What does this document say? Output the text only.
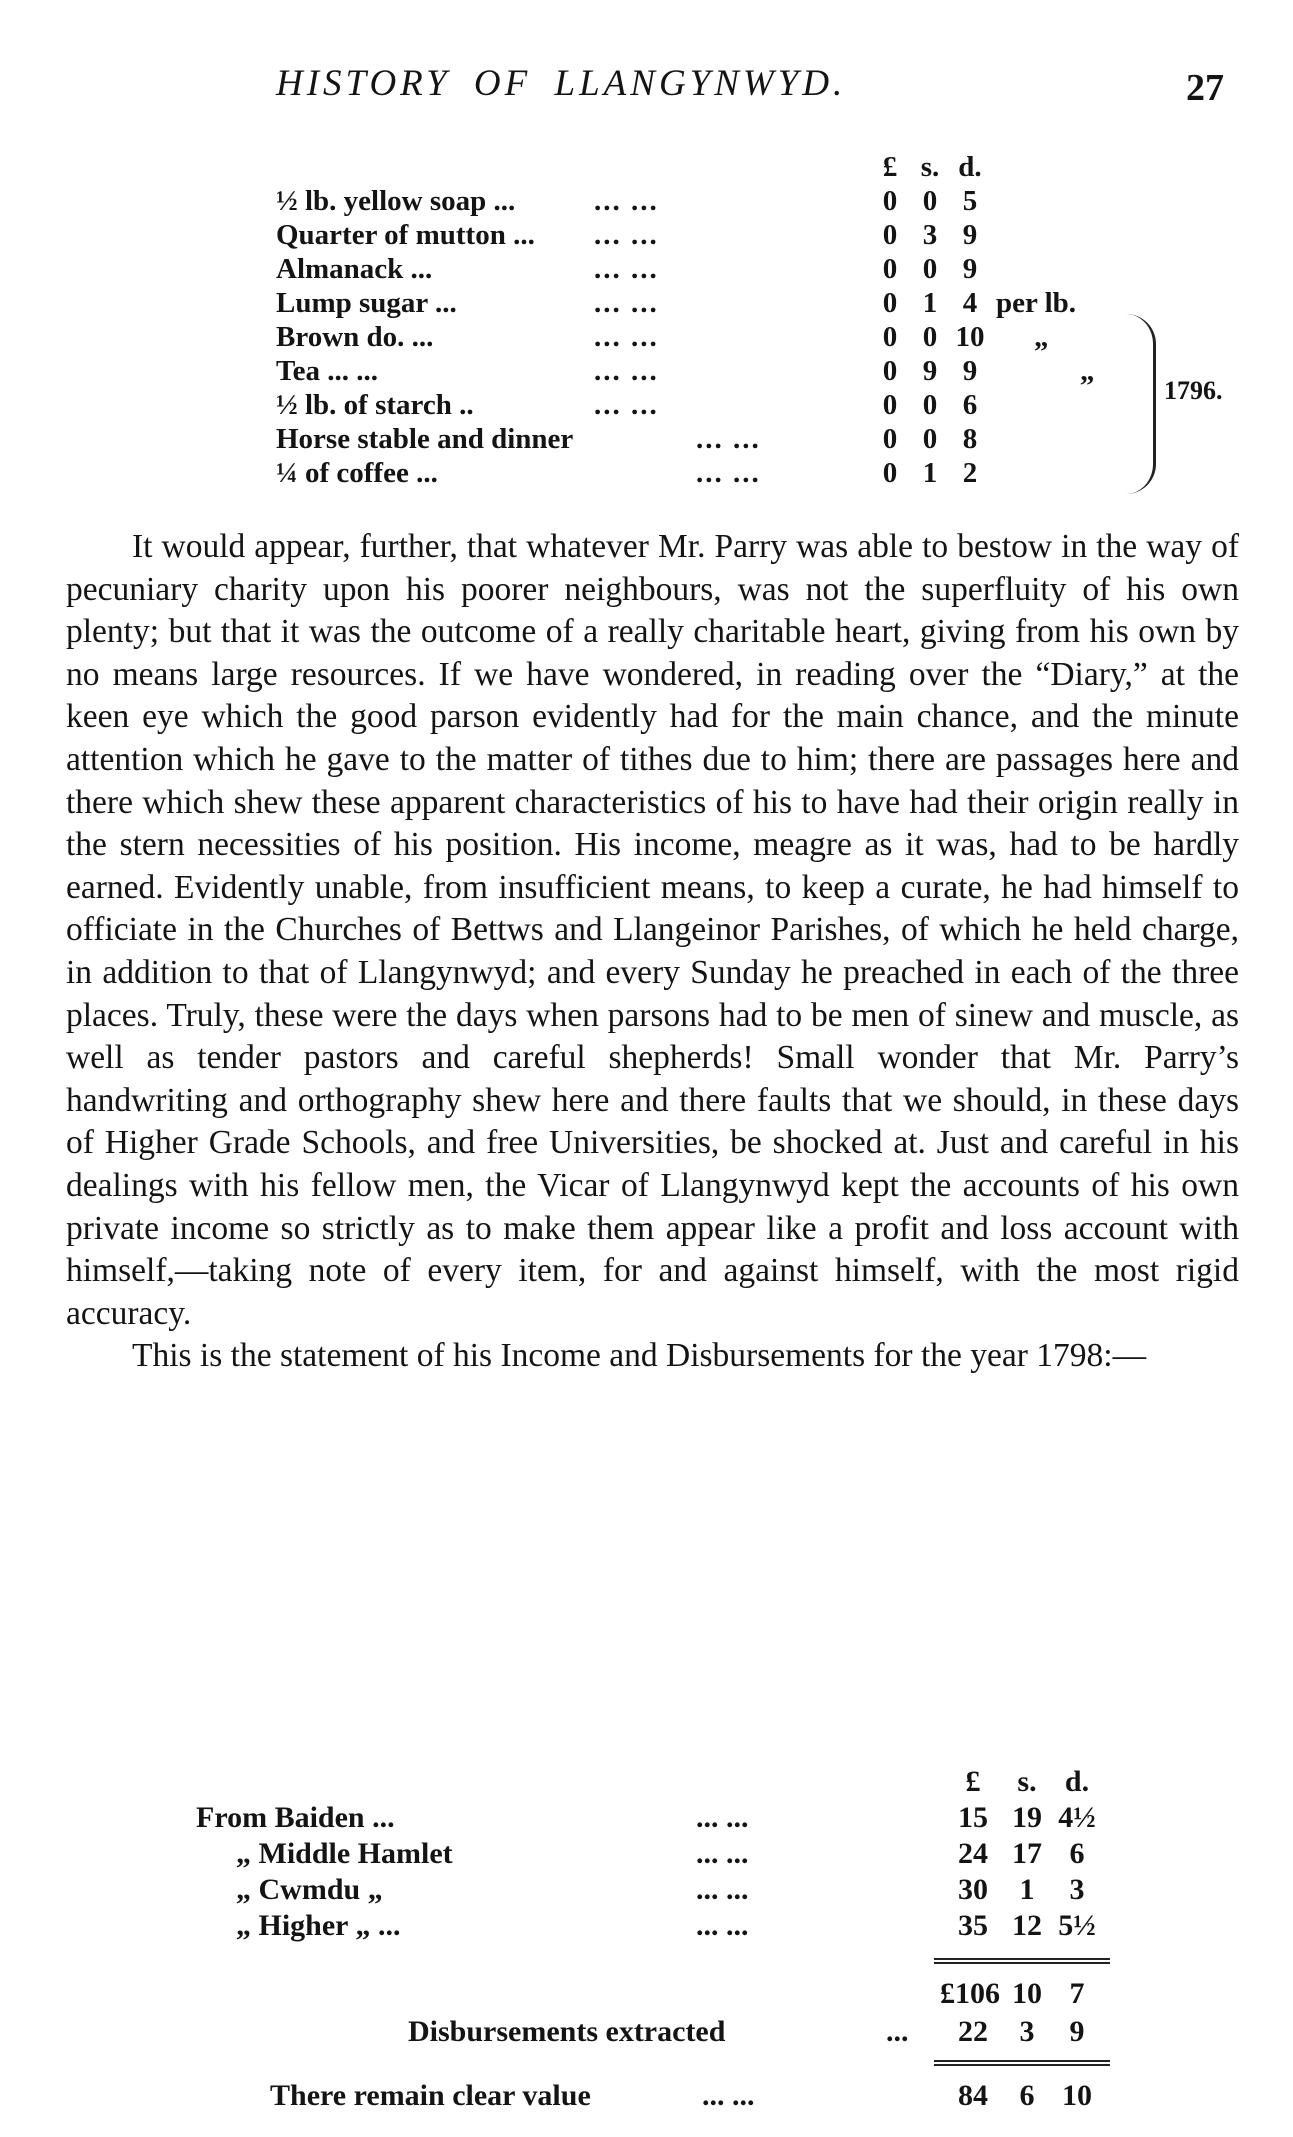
HISTORY OF LLANGYNWYD.	27
£ s. d.
½ lb. yellow soap ...	... ...	0 0 5
Quarter of mutton ... ... ...	0 3 9
Almanack ...	... ...	0 0 9
Lump sugar ...	... ...	0 1 4 per lb.
Brown do. ...	... ...	0 0 10 „
Tea ... ...	... ...	0 9 9	„
½ lb. of starch ..	... ...	0 0 6
Horse stable and dinner	... ...	0 0 8
¼ of coffee ...	... ...	0 1 2
1796.

It would appear, further, that whatever Mr. Parry was able to bestow in the way of pecuniary charity upon his poorer neighbours, was not the superfluity of his own plenty; but that it was the outcome of a really charitable heart, giving from his own by no means large resources. If we have wondered, in reading over the “Diary,” at the keen eye which the good parson evidently had for the main chance, and the minute attention which he gave to the matter of tithes due to him; there are passages here and there which shew these apparent characteristics of his to have had their origin really in the stern necessities of his position. His income, meagre as it was, had to be hardly earned. Evidently unable, from insufficient means, to keep a curate, he had himself to officiate in the Churches of Bettws and Llangeinor Parishes, of which he held charge, in addition to that of Llangynwyd; and every Sunday he preached in each of the three places. Truly, these were the days when parsons had to be men of sinew and muscle, as well as tender pastors and careful shepherds! Small wonder that Mr. Parry’s handwriting and orthography shew here and there faults that we should, in these days of Higher Grade Schools, and free Universities, be shocked at. Just and careful in his dealings with his fellow men, the Vicar of Llangynwyd kept the accounts of his own private income so strictly as to make them appear like a profit and loss account with himself,—taking note of every item, for and against himself, with the most rigid accuracy.

This is the statement of his Income and Disbursements for the year 1798:—

£	s. d.
From Baiden ...	... ...	15 19 4½
„ Middle Hamlet	... ...	24 17 6
„ Cwmdu „	... ...	30	1	3
„ Higher „ ...	... ...	35 12 5½
£106 10 7
Disbursements extracted	...	22	3	9
There remain clear value	... ...	84	6 10
